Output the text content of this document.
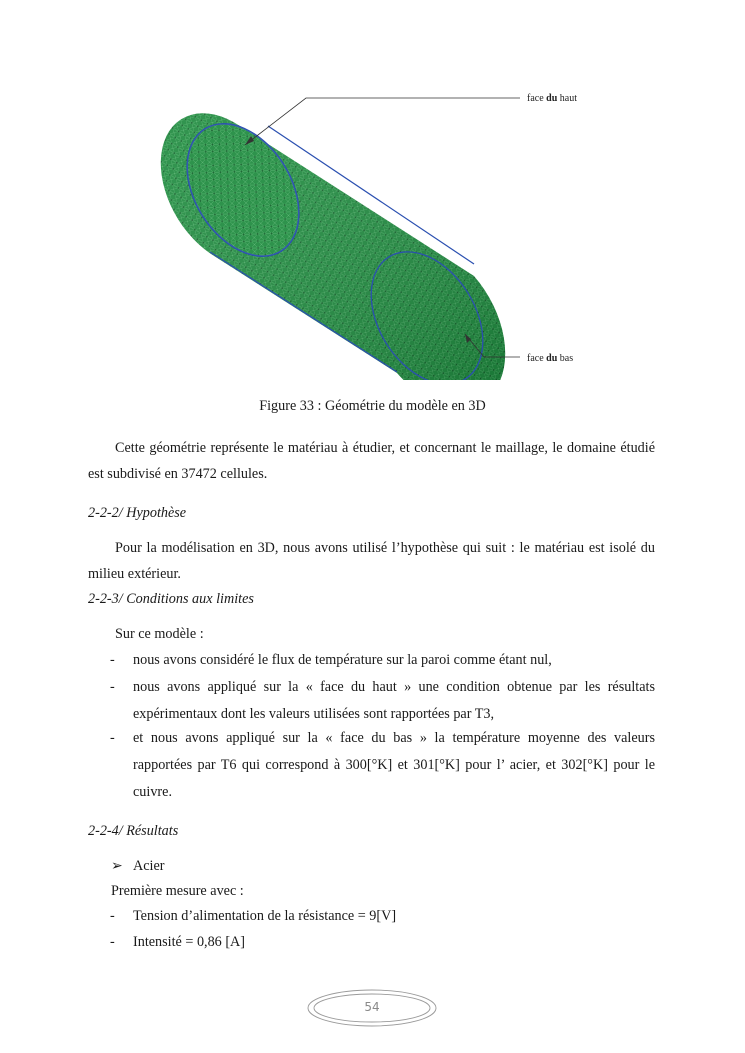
face du haut
face du bas
Figure 33 : Géométrie du modèle en 3D
Cette géométrie représente le matériau à étudier, et concernant le maillage, le domaine étudié est subdivisé en 37472 cellules.
2-2-2/ Hypothèse
Pour la modélisation en 3D, nous avons utilisé l’hypothèse qui suit : le matériau est isolé du milieu extérieur.
2-2-3/ Conditions aux limites
Sur ce modèle :
- nous avons considéré le flux de température sur la paroi comme étant nul,
- nous avons appliqué sur la « face du haut » une condition obtenue par les résultats expérimentaux dont les valeurs utilisées sont rapportées par T3,
- et nous avons appliqué sur la « face du bas » la température moyenne des valeurs rapportées par T6 qui correspond à 300[°K] et 301[°K] pour l’ acier, et 302[°K] pour le cuivre.
2-2-4/ Résultats
➢ Acier
Première mesure avec :
- Tension d’alimentation de la résistance = 9[V]
- Intensité = 0,86 [A]
54
